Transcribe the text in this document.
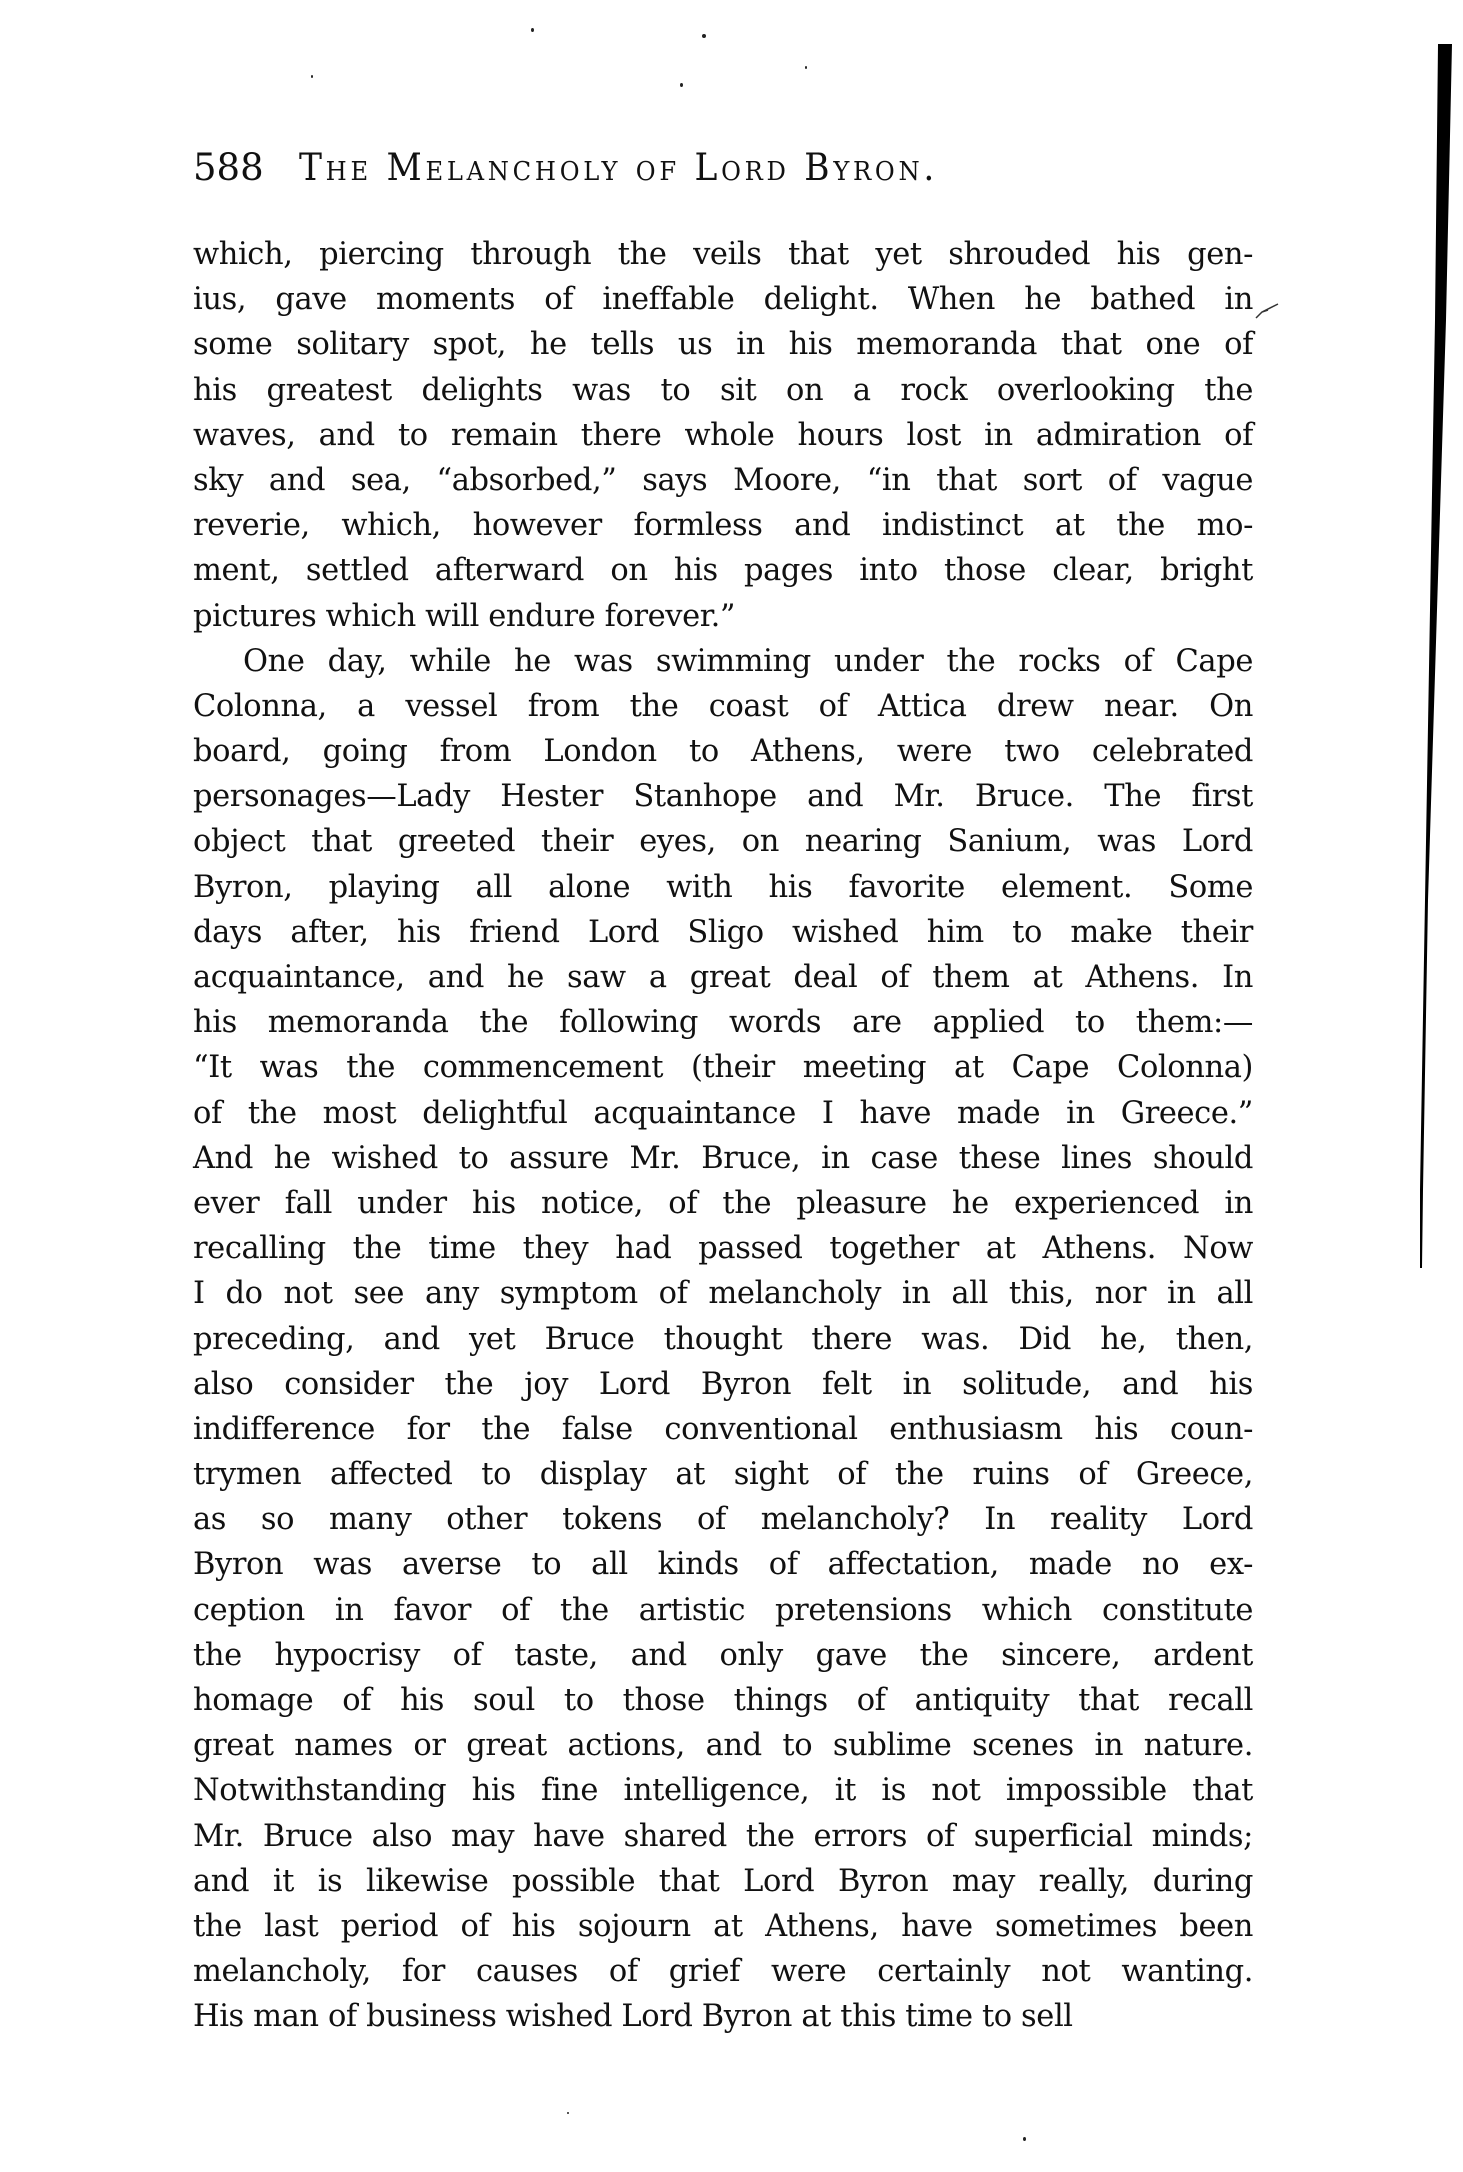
588 The Melancholy of Lord Byron.
which, piercing through the veils that yet shrouded his gen-
ius, gave moments of ineffable delight. When he bathed in
some solitary spot, he tells us in his memoranda that one of
his greatest delights was to sit on a rock overlooking the
waves, and to remain there whole hours lost in admiration of
sky and sea, “absorbed,” says Moore, “in that sort of vague
reverie, which, however formless and indistinct at the mo-
ment, settled afterward on his pages into those clear, bright
pictures which will endure forever.”
One day, while he was swimming under the rocks of Cape
Colonna, a vessel from the coast of Attica drew near. On
board, going from London to Athens, were two celebrated
personages—Lady Hester Stanhope and Mr. Bruce. The first
object that greeted their eyes, on nearing Sanium, was Lord
Byron, playing all alone with his favorite element. Some
days after, his friend Lord Sligo wished him to make their
acquaintance, and he saw a great deal of them at Athens. In
his memoranda the following words are applied to them:—
“It was the commencement (their meeting at Cape Colonna)
of the most delightful acquaintance I have made in Greece.”
And he wished to assure Mr. Bruce, in case these lines should
ever fall under his notice, of the pleasure he experienced in
recalling the time they had passed together at Athens. Now
I do not see any symptom of melancholy in all this, nor in all
preceding, and yet Bruce thought there was. Did he, then,
also consider the joy Lord Byron felt in solitude, and his
indifference for the false conventional enthusiasm his coun-
trymen affected to display at sight of the ruins of Greece,
as so many other tokens of melancholy? In reality Lord
Byron was averse to all kinds of affectation, made no ex-
ception in favor of the artistic pretensions which constitute
the hypocrisy of taste, and only gave the sincere, ardent
homage of his soul to those things of antiquity that recall
great names or great actions, and to sublime scenes in nature.
Notwithstanding his fine intelligence, it is not impossible that
Mr. Bruce also may have shared the errors of superficial minds;
and it is likewise possible that Lord Byron may really, during
the last period of his sojourn at Athens, have sometimes been
melancholy, for causes of grief were certainly not wanting.
His man of business wished Lord Byron at this time to sell
